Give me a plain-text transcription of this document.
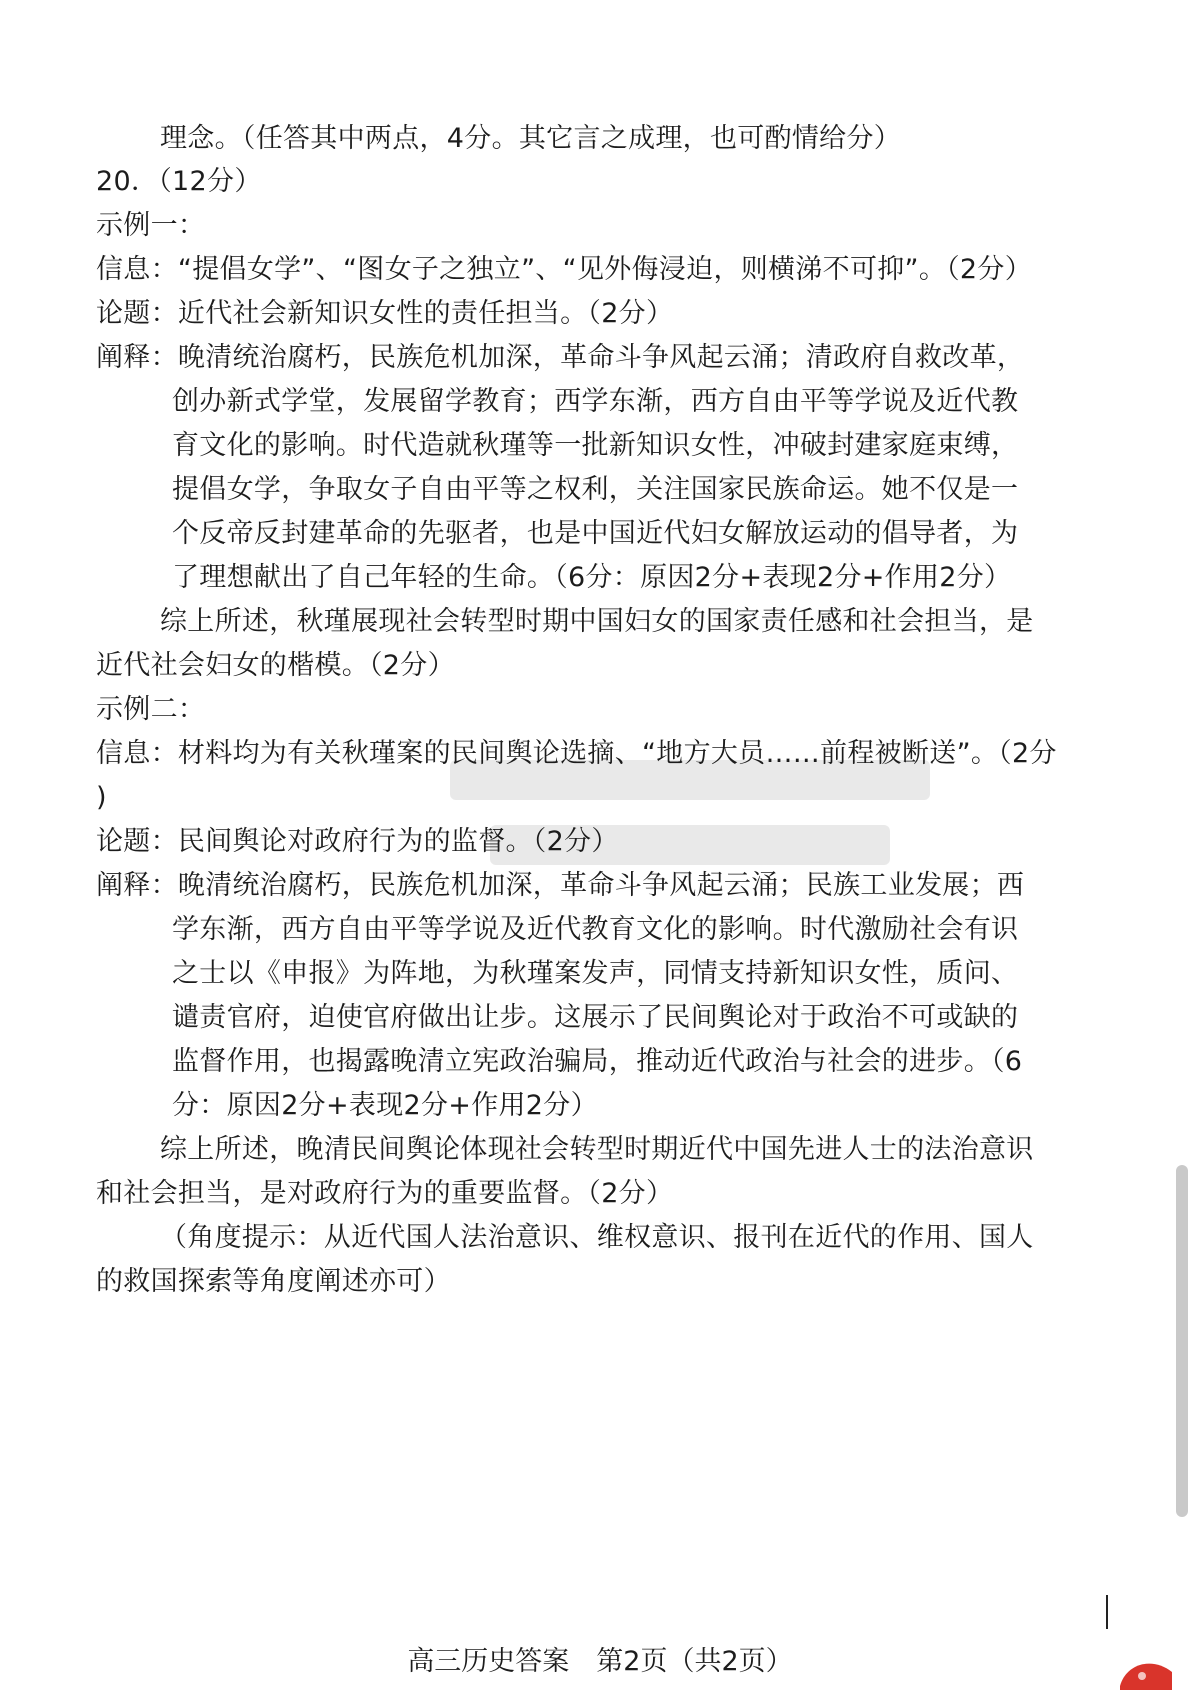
理念。（任答其中两点，4分。其它言之成理，也可酌情给分）
20．（12分）
示例一：
信息：“提倡女学”、“图女子之独立”、“见外侮浸迫，则横涕不可抑”。（2分）
论题：近代社会新知识女性的责任担当。（2分）
阐释：晚清统治腐朽，民族危机加深，革命斗争风起云涌；清政府自救改革，
创办新式学堂，发展留学教育；西学东渐，西方自由平等学说及近代教
育文化的影响。时代造就秋瑾等一批新知识女性，冲破封建家庭束缚，
提倡女学，争取女子自由平等之权利，关注国家民族命运。她不仅是一
个反帝反封建革命的先驱者，也是中国近代妇女解放运动的倡导者，为
了理想献出了自己年轻的生命。（6分：原因2分+表现2分+作用2分）
综上所述，秋瑾展现社会转型时期中国妇女的国家责任感和社会担当，是
近代社会妇女的楷模。（2分）
示例二：
信息：材料均为有关秋瑾案的民间舆论选摘、“地方大员……前程被断送”。（2分
)
论题：民间舆论对政府行为的监督。（2分）
阐释：晚清统治腐朽，民族危机加深，革命斗争风起云涌；民族工业发展；西
学东渐，西方自由平等学说及近代教育文化的影响。时代激励社会有识
之士以《申报》为阵地，为秋瑾案发声，同情支持新知识女性，质问、
谴责官府，迫使官府做出让步。这展示了民间舆论对于政治不可或缺的
监督作用，也揭露晚清立宪政治骗局，推动近代政治与社会的进步。（6
分：原因2分+表现2分+作用2分）
综上所述，晚清民间舆论体现社会转型时期近代中国先进人士的法治意识
和社会担当，是对政府行为的重要监督。（2分）
（角度提示：从近代国人法治意识、维权意识、报刊在近代的作用、国人
的救国探索等角度阐述亦可）
高三历史答案　第2页（共2页）
